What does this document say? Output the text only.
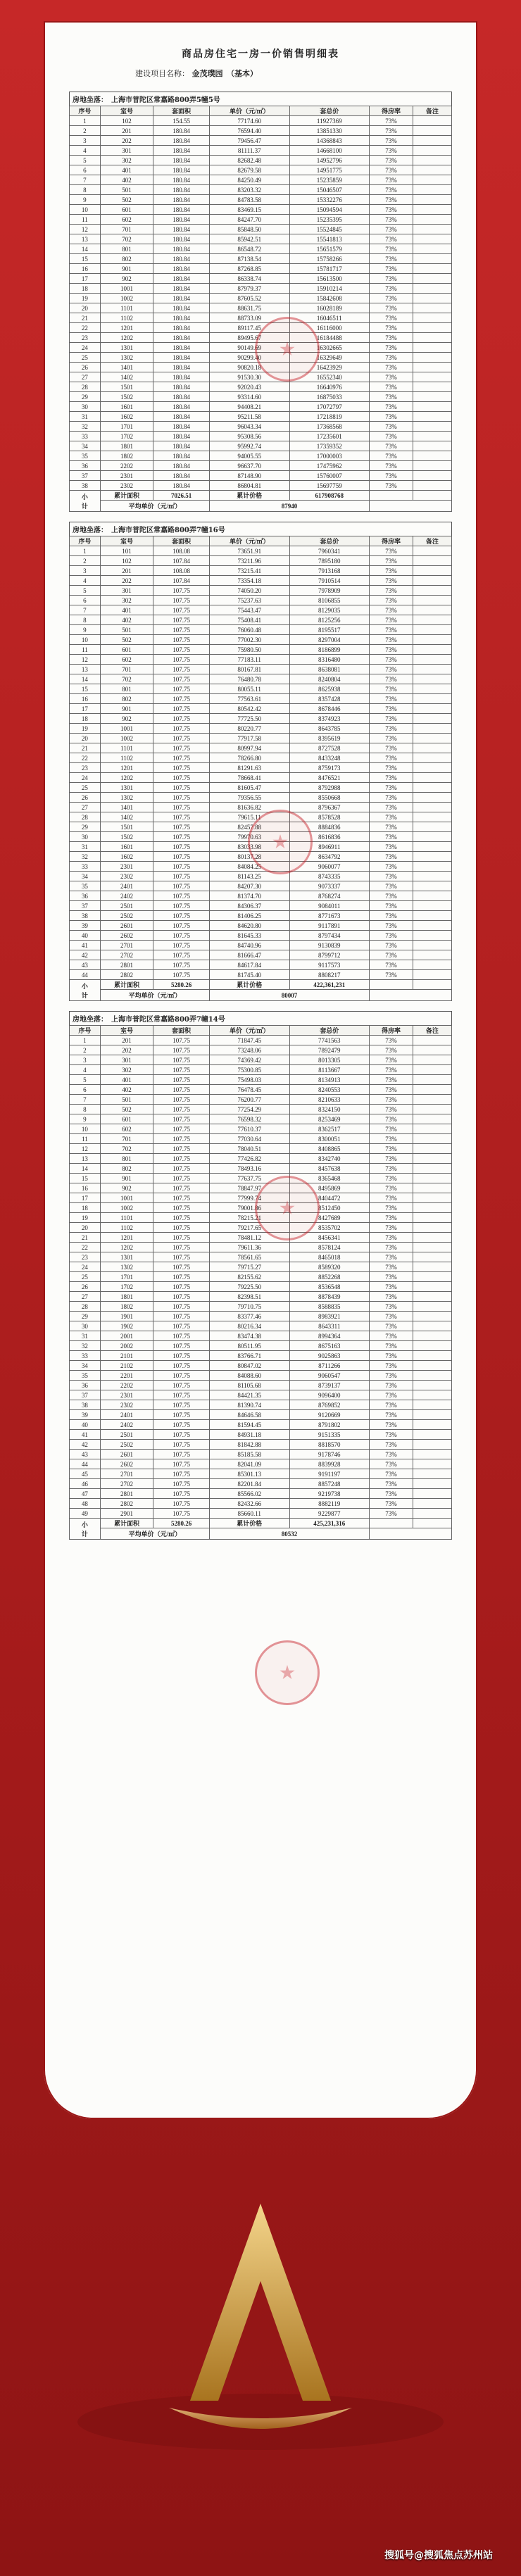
商品房住宅一房一价销售明细表
建设项目名称： 金茂璞园　（基本）
房地坐落：　上海市普陀区常嘉路800弄5幢5号
序号	室号	套面积	单价（元/㎡）	套总价	得房率	备注
1	102	154.55	77174.60	11927369	73%	
2	201	180.84	76594.40	13851330	73%	
3	202	180.84	79456.47	14368843	73%	
4	301	180.84	81111.37	14668100	73%	
5	302	180.84	82682.48	14952796	73%	
6	401	180.84	82679.58	14951775	73%	
7	402	180.84	84250.49	15235859	73%	
8	501	180.84	83203.32	15046507	73%	
9	502	180.84	84783.58	15332276	73%	
10	601	180.84	83469.15	15094594	73%	
11	602	180.84	84247.70	15235395	73%	
12	701	180.84	85848.50	15524845	73%	
13	702	180.84	85942.51	15541813	73%	
14	801	180.84	86548.72	15651579	73%	
15	802	180.84	87138.54	15758266	73%	
16	901	180.84	87268.85	15781717	73%	
17	902	180.84	86338.74	15613500	73%	
18	1001	180.84	87979.37	15910214	73%	
19	1002	180.84	87605.52	15842608	73%	
20	1101	180.84	88631.75	16028189	73%	
21	1102	180.84	88733.09	16046511	73%	
22	1201	180.84	89117.45	16116000	73%	
23	1202	180.84	89495.67	16184488	73%	
24	1301	180.84	90149.69	16302665	73%	
25	1302	180.84	90299.40	16329649	73%	
26	1401	180.84	90820.18	16423929	73%	
27	1402	180.84	91530.30	16552340	73%	
28	1501	180.84	92020.43	16640976	73%	
29	1502	180.84	93314.60	16875033	73%	
30	1601	180.84	94408.21	17072797	73%	
31	1602	180.84	95211.58	17218819	73%	
32	1701	180.84	96043.34	17368568	73%	
33	1702	180.84	95308.56	17235601	73%	
34	1801	180.84	95992.74	17359352	73%	
35	1802	180.84	94005.55	17000003	73%	
36	2202	180.84	96637.70	17475962	73%	
37	2301	180.84	87148.90	15760007	73%	
38	2302	180.84	86804.81	15697759	73%	
小
计	累计面积	7026.51	累计价格	617908768		
	平均单价（元/㎡）		87940			
房地坐落：　上海市普陀区常嘉路800弄7幢16号
序号	室号	套面积	单价（元/㎡）	套总价	得房率	备注
1	101	108.08	73651.91	7960341	73%	
2	102	107.84	73211.96	7895180	73%	
3	201	108.08	73215.41	7913168	73%	
4	202	107.84	73354.18	7910514	73%	
5	301	107.75	74050.20	7978909	73%	
6	302	107.75	75237.63	8106855	73%	
7	401	107.75	75443.47	8129035	73%	
8	402	107.75	75408.41	8125256	73%	
9	501	107.75	76060.48	8195517	73%	
10	502	107.75	77002.30	8297004	73%	
11	601	107.75	75980.50	8186899	73%	
12	602	107.75	77183.11	8316480	73%	
13	701	107.75	80167.81	8638081	73%	
14	702	107.75	76480.78	8240804	73%	
15	801	107.75	80055.11	8625938	73%	
16	802	107.75	77563.61	8357428	73%	
17	901	107.75	80542.42	8678446	73%	
18	902	107.75	77725.50	8374923	73%	
19	1001	107.75	80220.77	8643785	73%	
20	1002	107.75	77917.58	8395619	73%	
21	1101	107.75	80997.94	8727528	73%	
22	1102	107.75	78266.80	8433248	73%	
23	1201	107.75	81291.63	8759173	73%	
24	1202	107.75	78668.41	8476521	73%	
25	1301	107.75	81605.47	8792988	73%	
26	1302	107.75	79356.55	8550668	73%	
27	1401	107.75	81636.82	8796367	73%	
28	1402	107.75	79615.11	8578528	73%	
29	1501	107.75	82457.88	8884836	73%	
30	1502	107.75	79970.63	8616836	73%	
31	1601	107.75	83033.98	8946911	73%	
32	1602	107.75	80137.28	8634792	73%	
33	2301	107.75	84084.25	9060077	73%	
34	2302	107.75	81143.25	8743335	73%	
35	2401	107.75	84207.30	9073337	73%	
36	2402	107.75	81374.70	8768274	73%	
37	2501	107.75	84306.37	9084011	73%	
38	2502	107.75	81406.25	8771673	73%	
39	2601	107.75	84620.80	9117891	73%	
40	2602	107.75	81645.33	8797434	73%	
41	2701	107.75	84740.96	9130839	73%	
42	2702	107.75	81666.47	8799712	73%	
43	2801	107.75	84617.84	9117573	73%	
44	2802	107.75	81745.40	8808217	73%	
小
计	累计面积	5280.26	累计价格	422,361,231		
	平均单价（元/㎡）		80007			
房地坐落：　上海市普陀区常嘉路800弄7幢14号
序号	室号	套面积	单价（元/㎡）	套总价	得房率	备注
1	201	107.75	71847.45	7741563	73%	
2	202	107.75	73248.06	7892479	73%	
3	301	107.75	74369.42	8013305	73%	
4	302	107.75	75300.85	8113667	73%	
5	401	107.75	75498.03	8134913	73%	
6	402	107.75	76478.45	8240553	73%	
7	501	107.75	76200.77	8210633	73%	
8	502	107.75	77254.29	8324150	73%	
9	601	107.75	76598.32	8253469	73%	
10	602	107.75	77610.37	8362517	73%	
11	701	107.75	77030.64	8300051	73%	
12	702	107.75	78040.51	8408865	73%	
13	801	107.75	77426.82	8342740	73%	
14	802	107.75	78493.16	8457638	73%	
15	901	107.75	77637.75	8365468	73%	
16	902	107.75	78847.97	8495869	73%	
17	1001	107.75	77999.74	8404472	73%	
18	1002	107.75	79001.86	8512450	73%	
19	1101	107.75	78215.21	8427689	73%	
20	1102	107.75	79217.65	8535702	73%	
21	1201	107.75	78481.12	8456341	73%	
22	1202	107.75	79611.36	8578124	73%	
23	1301	107.75	78561.65	8465018	73%	
24	1302	107.75	79715.27	8589320	73%	
25	1701	107.75	82155.62	8852268	73%	
26	1702	107.75	79225.50	8536548	73%	
27	1801	107.75	82398.51	8878439	73%	
28	1802	107.75	79710.75	8588835	73%	
29	1901	107.75	83377.46	8983921	73%	
30	1902	107.75	80216.34	8643311	73%	
31	2001	107.75	83474.38	8994364	73%	
32	2002	107.75	80511.95	8675163	73%	
33	2101	107.75	83766.71	9025863	73%	
34	2102	107.75	80847.02	8711266	73%	
35	2201	107.75	84088.60	9060547	73%	
36	2202	107.75	81105.68	8739137	73%	
37	2301	107.75	84421.35	9096400	73%	
38	2302	107.75	81390.74	8769852	73%	
39	2401	107.75	84646.58	9120669	73%	
40	2402	107.75	81594.45	8791802	73%	
41	2501	107.75	84931.18	9151335	73%	
42	2502	107.75	81842.88	8818570	73%	
43	2601	107.75	85185.58	9178746	73%	
44	2602	107.75	82041.09	8839928	73%	
45	2701	107.75	85301.13	9191197	73%	
46	2702	107.75	82201.84	8857248	73%	
47	2801	107.75	85566.02	9219738	73%	
48	2802	107.75	82432.66	8882119	73%	
49	2901	107.75	85660.11	9229877	73%	
小
计	累计面积	5280.26	累计价格	425,231,316		
	平均单价（元/㎡）		80532			
搜狐号@搜狐焦点苏州站
